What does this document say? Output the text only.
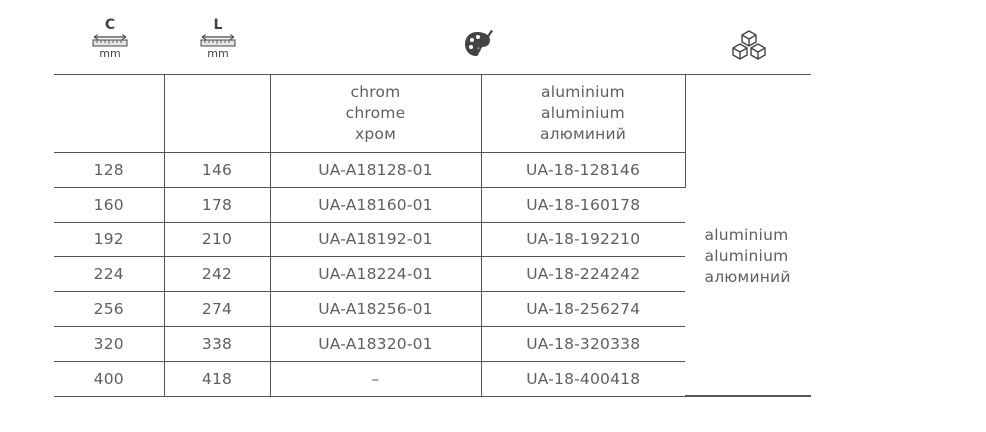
C
mm
L
mm

		chrom
chrome
хром	aluminium
aluminium
алюминий	

128	146	UA-A18128-01	UA-18-128146	aluminium
aluminium
алюминий

160	178	UA-A18160-01	UA-18-160178	
192	210	UA-A18192-01	UA-18-192210	
224	242	UA-A18224-01	UA-18-224242	
256	274	UA-A18256-01	UA-18-256274	
320	338	UA-A18320-01	UA-18-320338	
400	418	–	UA-18-400418	
